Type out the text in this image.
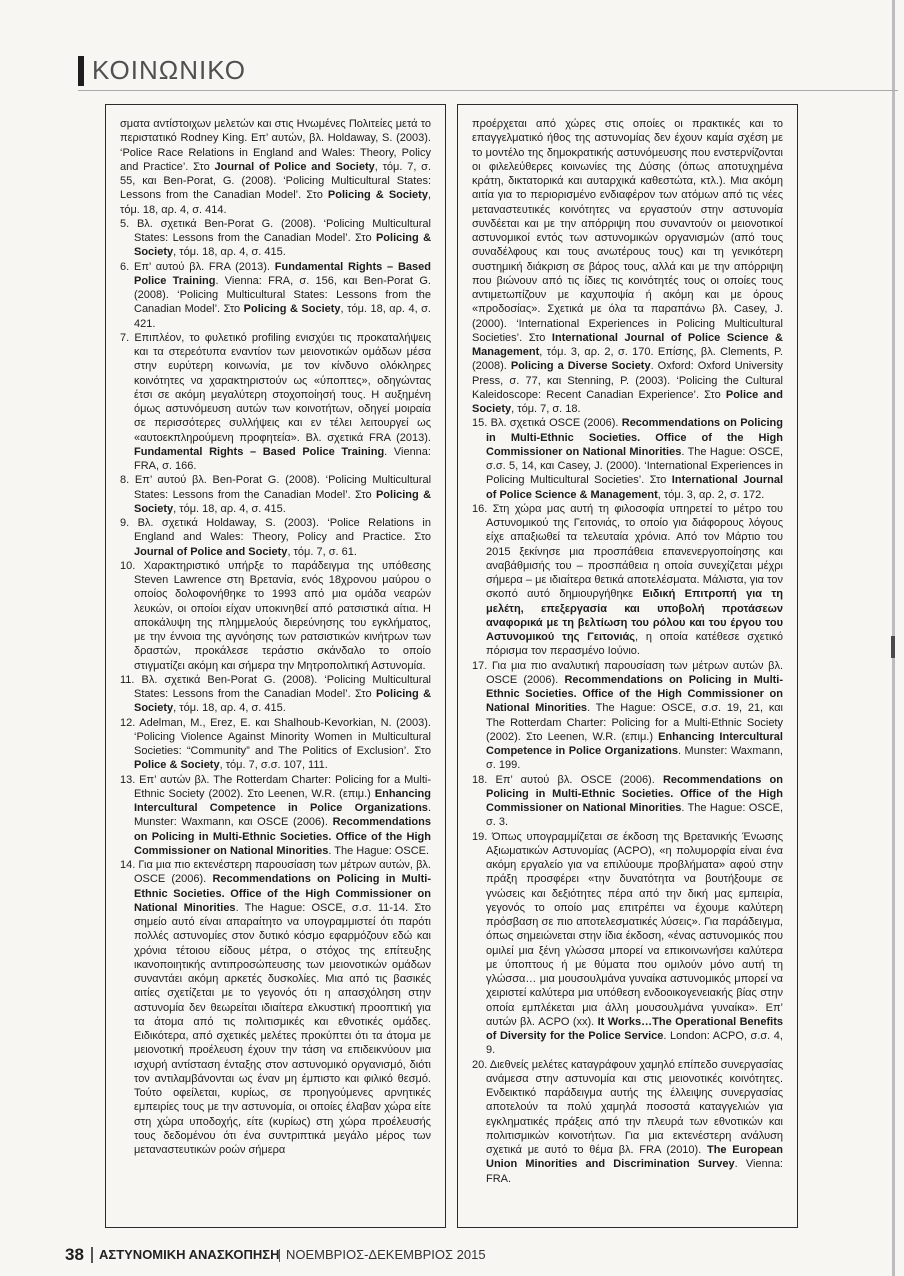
ΚΟΙΝΩΝΙΚΟ

σματα αντίστοιχων μελετών και στις Ηνωμένες Πολιτείες μετά το περιστατικό Rodney King. Επ’ αυτών, βλ. Holdaway, S. (2003). ‘Police Race Relations in England and Wales: Theory, Policy and Practice’. Στο Journal of Police and Society, τόμ. 7, σ. 55, και Ben-Porat, G. (2008). ‘Policing Multicultural States: Lessons from the Canadian Model’. Στο Policing & Society, τόμ. 18, αρ. 4, σ. 414.

5. Βλ. σχετικά Ben-Porat G. (2008). ‘Policing Multicultural States: Lessons from the Canadian Model’. Στο Policing & Society, τόμ. 18, αρ. 4, σ. 415.

6. Επ’ αυτού βλ. FRA (2013). Fundamental Rights – Based Police Training. Vienna: FRA, σ. 156, και Ben-Porat G. (2008). ‘Policing Multicultural States: Lessons from the Canadian Model’. Στο Policing & Society, τόμ. 18, αρ. 4, σ. 421.

7. Επιπλέον, το φυλετικό profiling ενισχύει τις προκαταλήψεις και τα στερεότυπα εναντίον των μειονοτικών ομάδων μέσα στην ευρύτερη κοινωνία, με τον κίνδυνο ολόκληρες κοινότητες να χαρακτηριστούν ως «ύποπτες», οδηγώντας έτσι σε ακόμη μεγαλύτερη στοχοποίησή τους. Η αυξημένη όμως αστυνόμευση αυτών των κοινοτήτων, οδηγεί μοιραία σε περισσότερες συλλήψεις και εν τέλει λειτουργεί ως «αυτοεκπληρούμενη προφητεία». Βλ. σχετικά FRA (2013). Fundamental Rights – Based Police Training. Vienna: FRA, σ. 166.

8. Επ’ αυτού βλ. Ben-Porat G. (2008). ‘Policing Multicultural States: Lessons from the Canadian Model’. Στο Policing & Society, τόμ. 18, αρ. 4, σ. 415.

9. Βλ. σχετικά Holdaway, S. (2003). ‘Police Relations in England and Wales: Theory, Policy and Practice. Στο Journal of Police and Society, τόμ. 7, σ. 61.

10. Χαρακτηριστικό υπήρξε το παράδειγμα της υπόθεσης Steven Lawrence στη Βρετανία, ενός 18χρονου μαύρου ο οποίος δολοφονήθηκε το 1993 από μια ομάδα νεαρών λευκών, οι οποίοι είχαν υποκινηθεί από ρατσιστικά αίτια. Η αποκάλυψη της πλημμελούς διερεύνησης του εγκλήματος, με την έννοια της αγνόησης των ρατσιστικών κινήτρων των δραστών, προκάλεσε τεράστιο σκάνδαλο το οποίο στιγματίζει ακόμη και σήμερα την Μητροπολιτική Αστυνομία.

11. Βλ. σχετικά Ben-Porat G. (2008). ‘Policing Multicultural States: Lessons from the Canadian Model’. Στο Policing & Society, τόμ. 18, αρ. 4, σ. 415.

12. Adelman, M., Erez, E. και Shalhoub-Kevorkian, N. (2003). ‘Policing Violence Against Minority Women in Multicultural Societies: “Community” and The Politics of Exclusion’. Στο Police & Society, τόμ. 7, σ.σ. 107, 111.

13. Επ’ αυτών βλ. The Rotterdam Charter: Policing for a Multi-Ethnic Society (2002). Στο Leenen, W.R. (επιμ.) Enhancing Intercultural Competence in Police Organizations. Munster: Waxmann, και OSCE (2006). Recommendations on Policing in Multi-Ethnic Societies. Office of the High Commissioner on National Minorities. The Hague: OSCE.

14. Για μια πιο εκτενέστερη παρουσίαση των μέτρων αυτών, βλ. OSCE (2006). Recommendations on Policing in Multi-Ethnic Societies. Office of the High Commissioner on National Minorities. The Hague: OSCE, σ.σ. 11-14. Στο σημείο αυτό είναι απαραίτητο να υπογραμμιστεί ότι παρότι πολλές αστυνομίες στον δυτικό κόσμο εφαρμόζουν εδώ και χρόνια τέτοιου είδους μέτρα, ο στόχος της επίτευξης ικανοποιητικής αντιπροσώπευσης των μειονοτικών ομάδων συναντάει ακόμη αρκετές δυσκολίες. Μια από τις βασικές αιτίες σχετίζεται με το γεγονός ότι η απασχόληση στην αστυνομία δεν θεωρείται ιδιαίτερα ελκυστική προοπτική για τα άτομα από τις πολιτισμικές και εθνοτικές ομάδες. Ειδικότερα, από σχετικές μελέτες προκύπτει ότι τα άτομα με μειονοτική προέλευση έχουν την τάση να επιδεικνύουν μια ισχυρή αντίσταση ένταξης στον αστυνομικό οργανισμό, διότι τον αντιλαμβάνονται ως έναν μη έμπιστο και φιλικό θεσμό. Τούτο οφείλεται, κυρίως, σε προηγούμενες αρνητικές εμπειρίες τους με την αστυνομία, οι οποίες έλαβαν χώρα είτε στη χώρα υποδοχής, είτε (κυρίως) στη χώρα προέλευσής τους δεδομένου ότι ένα συντριπτικά μεγάλο μέρος των μεταναστευτικών ροών σήμερα

προέρχεται από χώρες στις οποίες οι πρακτικές και το επαγγελματικό ήθος της αστυνομίας δεν έχουν καμία σχέση με το μοντέλο της δημοκρατικής αστυνόμευσης που ενστερνίζονται οι φιλελεύθερες κοινωνίες της Δύσης (όπως αποτυχημένα κράτη, δικτατορικά και αυταρχικά καθεστώτα, κτλ.). Μια ακόμη αιτία για το περιορισμένο ενδιαφέρον των ατόμων από τις νέες μεταναστευτικές κοινότητες να εργαστούν στην αστυνομία συνδέεται και με την απόρριψη που συναντούν οι μειονοτικοί αστυνομικοί εντός των αστυνομικών οργανισμών (από τους συναδέλφους και τους ανωτέρους τους) και τη γενικότερη συστημική διάκριση σε βάρος τους, αλλά και με την απόρριψη που βιώνουν από τις ίδιες τις κοινότητές τους οι οποίες τους αντιμετωπίζουν με καχυποψία ή ακόμη και με όρους «προδοσίας». Σχετικά με όλα τα παραπάνω βλ. Casey, J. (2000). ‘International Experiences in Policing Multicultural Societies’. Στο International Journal of Police Science & Management, τόμ. 3, αρ. 2, σ. 170. Επίσης, βλ. Clements, P. (2008). Policing a Diverse Society. Oxford: Oxford University Press, σ. 77, και Stenning, P. (2003). ‘Policing the Cultural Kaleidoscope: Recent Canadian Experience’. Στο Police and Society, τόμ. 7, σ. 18.

15. Βλ. σχετικά OSCE (2006). Recommendations on Policing in Multi-Ethnic Societies. Office of the High Commissioner on National Minorities. The Hague: OSCE, σ.σ. 5, 14, και Casey, J. (2000). ‘International Experiences in Policing Multicultural Societies’. Στο International Journal of Police Science & Management, τόμ. 3, αρ. 2, σ. 172.

16. Στη χώρα μας αυτή τη φιλοσοφία υπηρετεί το μέτρο του Αστυνομικού της Γειτονιάς, το οποίο για διάφορους λόγους είχε απαξιωθεί τα τελευταία χρόνια. Από τον Μάρτιο του 2015 ξεκίνησε μια προσπάθεια επανενεργοποίησης και αναβάθμισής του – προσπάθεια η οποία συνεχίζεται μέχρι σήμερα – με ιδιαίτερα θετικά αποτελέσματα. Μάλιστα, για τον σκοπό αυτό δημιουργήθηκε Ειδική Επιτροπή για τη μελέτη, επεξεργασία και υποβολή προτάσεων αναφορικά με τη βελτίωση του ρόλου και του έργου του Αστυνομικού της Γειτονιάς, η οποία κατέθεσε σχετικό πόρισμα τον περασμένο Ιούνιο.

17. Για μια πιο αναλυτική παρουσίαση των μέτρων αυτών βλ. OSCE (2006). Recommendations on Policing in Multi-Ethnic Societies. Office of the High Commissioner on National Minorities. The Hague: OSCE, σ.σ. 19, 21, και The Rotterdam Charter: Policing for a Multi-Ethnic Society (2002). Στο Leenen, W.R. (επιμ.) Enhancing Intercultural Competence in Police Organizations. Munster: Waxmann, σ. 199.

18. Επ’ αυτού βλ. OSCE (2006). Recommendations on Policing in Multi-Ethnic Societies. Office of the High Commissioner on National Minorities. The Hague: OSCE, σ. 3.

19. Όπως υπογραμμίζεται σε έκδοση της Βρετανικής Ένωσης Αξιωματικών Αστυνομίας (ACPO), «η πολυμορφία είναι ένα ακόμη εργαλείο για να επιλύουμε προβλήματα» αφού στην πράξη προσφέρει «την δυνατότητα να βουτήξουμε σε γνώσεις και δεξιότητες πέρα από την δική μας εμπειρία, γεγονός το οποίο μας επιτρέπει να έχουμε καλύτερη πρόσβαση σε πιο αποτελεσματικές λύσεις». Για παράδειγμα, όπως σημειώνεται στην ίδια έκδοση, «ένας αστυνομικός που ομιλεί μια ξένη γλώσσα μπορεί να επικοινωνήσει καλύτερα με ύποπτους ή με θύματα που ομιλούν μόνο αυτή τη γλώσσα… μια μουσουλμάνα γυναίκα αστυνομικός μπορεί να χειριστεί καλύτερα μια υπόθεση ενδοοικογενειακής βίας στην οποία εμπλέκεται μια άλλη μουσουλμάνα γυναίκα». Επ’ αυτών βλ. ACPO (xx). It Works…The Operational Benefits of Diversity for the Police Service. London: ACPO, σ.σ. 4, 9.

20. Διεθνείς μελέτες καταγράφουν χαμηλό επίπεδο συνεργασίας ανάμεσα στην αστυνομία και στις μειονοτικές κοινότητες. Ενδεικτικό παράδειγμα αυτής της έλλειψης συνεργασίας αποτελούν τα πολύ χαμηλά ποσοστά καταγγελιών για εγκληματικές πράξεις από την πλευρά των εθνοτικών και πολιτισμικών κοινοτήτων. Για μια εκτενέστερη ανάλυση σχετικά με αυτό το θέμα βλ. FRA (2010). The European Union Minorities and Discrimination Survey. Vienna: FRA.

38 ΑΣΤΥΝΟΜΙΚΗ ΑΝΑΣΚΟΠΗΣΗ ΝΟΕΜΒΡΙΟΣ-ΔΕΚΕΜΒΡΙΟΣ 2015
